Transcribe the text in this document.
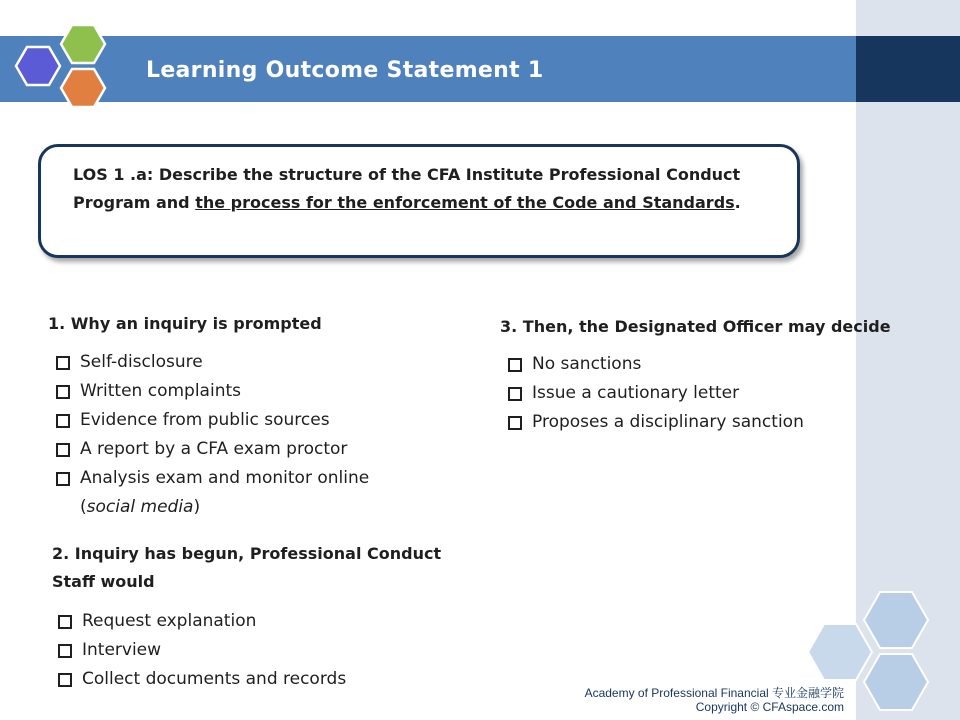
Learning Outcome Statement 1

LOS 1 .a: Describe the structure of the CFA Institute Professional Conduct Program and the process for the enforcement of the Code and Standards.

1. Why an inquiry is prompted

Self-disclosure
Written complaints
Evidence from public sources
A report by a CFA exam proctor
Analysis exam and monitor online
(social media)

2. Inquiry has begun, Professional Conduct
Staff would

Request explanation
Interview
Collect documents and records

3. Then, the Designated Officer may decide

No sanctions
Issue a cautionary letter
Proposes a disciplinary sanction
Academy of Professional Financial 专业金融学院
Copyright © CFAspace.com
